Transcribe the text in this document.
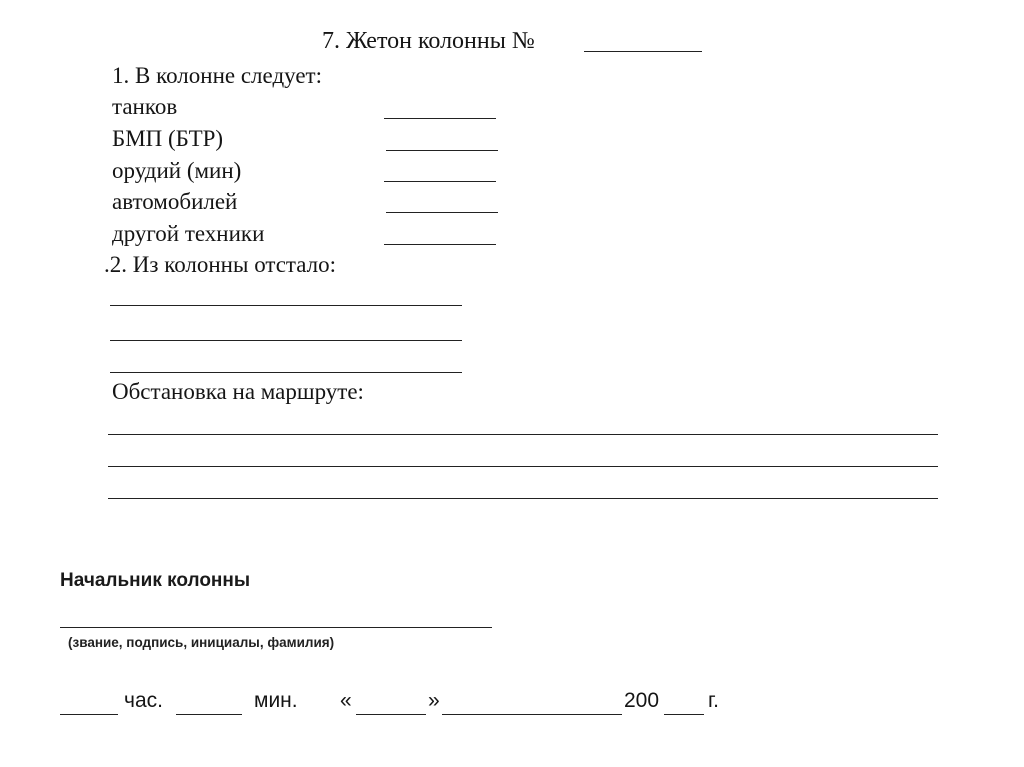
7. Жетон колонны №
1. В колонне следует:
танков
БМП (БТР)
орудий (мин)
автомобилей
другой техники
.2. Из колонны отстало:
Обстановка на маршруте:
Начальник колонны
(звание, подпись, инициалы, фамилия)
час.	мин. «	»	200 г.
